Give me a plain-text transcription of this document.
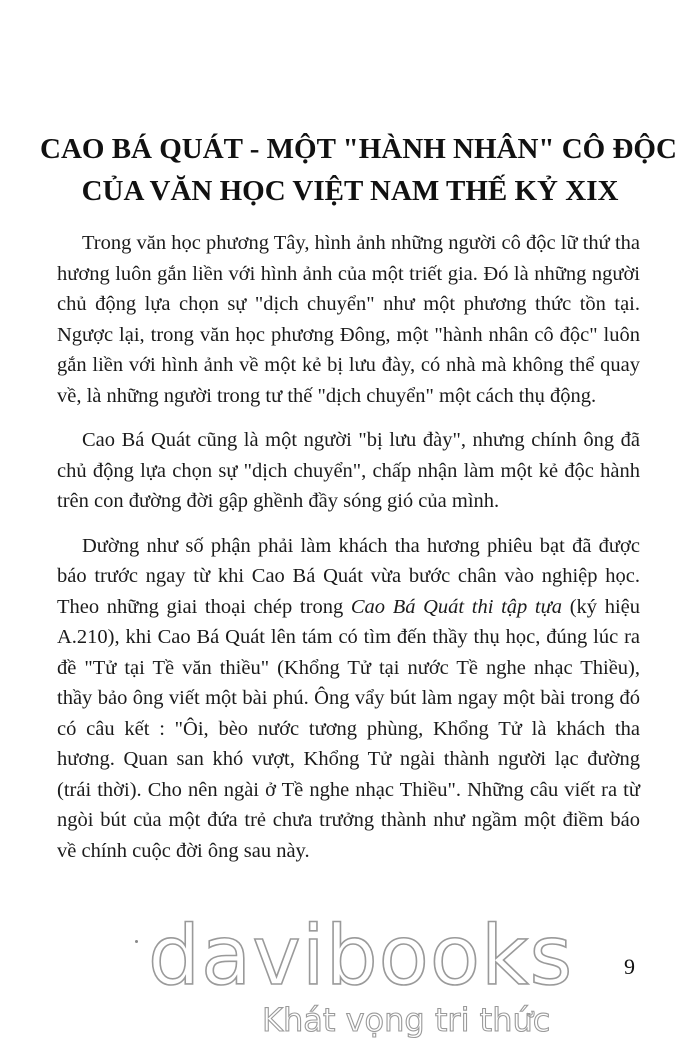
CAO BÁ QUÁT - MỘT "HÀNH NHÂN" CÔ ĐỘC
CỦA VĂN HỌC VIỆT NAM THẾ KỶ XIX

Trong văn học phương Tây, hình ảnh những người cô độc lữ thứ tha hương luôn gắn liền với hình ảnh của một triết gia. Đó là những người chủ động lựa chọn sự "dịch chuyển" như một phương thức tồn tại. Ngược lại, trong văn học phương Đông, một "hành nhân cô độc" luôn gắn liền với hình ảnh về một kẻ bị lưu đày, có nhà mà không thể quay về, là những người trong tư thế "dịch chuyển" một cách thụ động.

Cao Bá Quát cũng là một người "bị lưu đày", nhưng chính ông đã chủ động lựa chọn sự "dịch chuyển", chấp nhận làm một kẻ độc hành trên con đường đời gập ghềnh đầy sóng gió của mình.

Dường như số phận phải làm khách tha hương phiêu bạt đã được báo trước ngay từ khi Cao Bá Quát vừa bước chân vào nghiệp học. Theo những giai thoại chép trong Cao Bá Quát thi tập tựa (ký hiệu A.210), khi Cao Bá Quát lên tám có tìm đến thầy thụ học, đúng lúc ra đề "Tử tại Tề văn thiều" (Khổng Tử tại nước Tề nghe nhạc Thiều), thầy bảo ông viết một bài phú. Ông vẩy bút làm ngay một bài trong đó có câu kết : "Ôi, bèo nước tương phùng, Khổng Tử là khách tha hương. Quan san khó vượt, Khổng Tử ngài thành người lạc đường (trái thời). Cho nên ngài ở Tề nghe nhạc Thiều". Những câu viết ra từ ngòi bút của một đứa trẻ chưa trưởng thành như ngầm một điềm báo về chính cuộc đời ông sau này.

9
davibooks
Khát vọng tri thức
